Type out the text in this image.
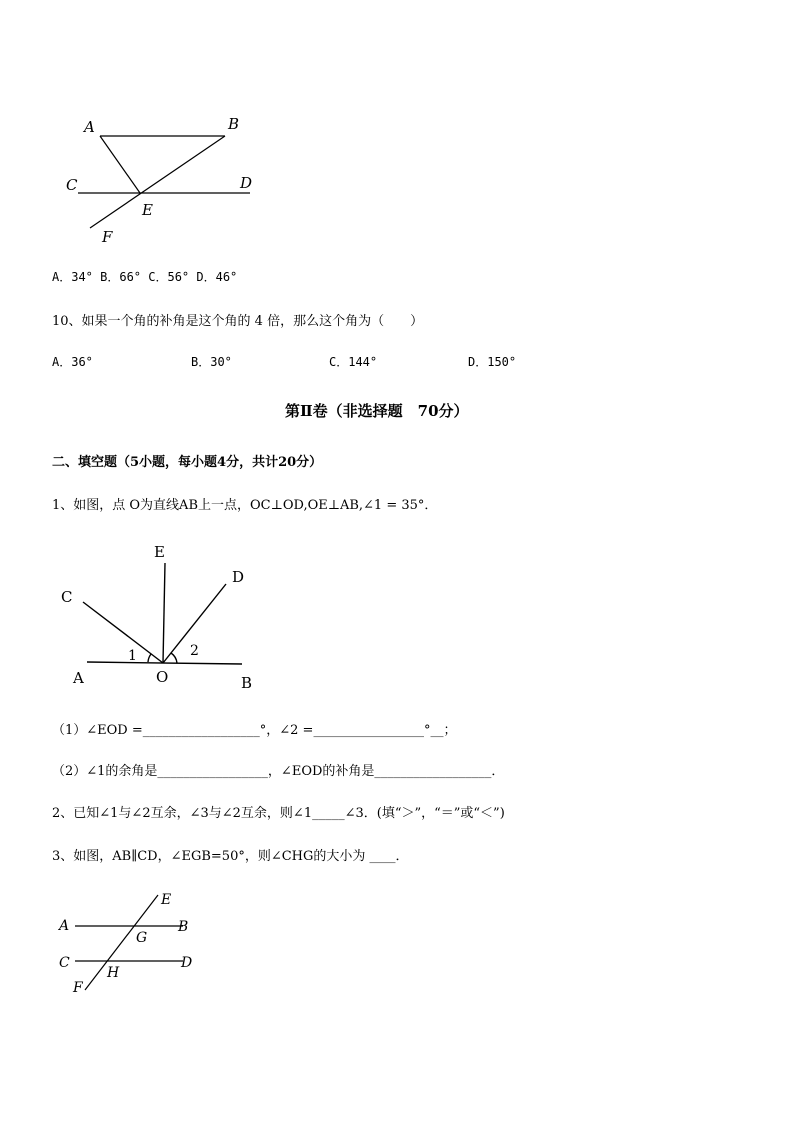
A	B
C	D
E
F
A．34° B．66° C．56° D．46°
10、如果一个角的补角是这个角的 4 倍，那么这个角为（　　）
A．36°	B．30°	C．144°	D．150°
第Ⅱ卷（非选择题　70分）
二、填空题（5小题，每小题4分，共计20分）
1、如图，点 O为直线AB上一点，OC⊥OD,OE⊥AB,∠1 = 35°．
E
D
C
A	O	B
1	2
（1）∠EOD =__________________°，∠2 =_________________°__；
（2）∠1的余角是_________________，∠EOD的补角是__________________．
2、已知∠1与∠2互余，∠3与∠2互余，则∠1_____∠3．(填“＞”，“＝”或“＜”)
3、如图，AB∥CD，∠EGB=50°，则∠CHG的大小为 ____．
E
A	B
G
C	D
H
F
